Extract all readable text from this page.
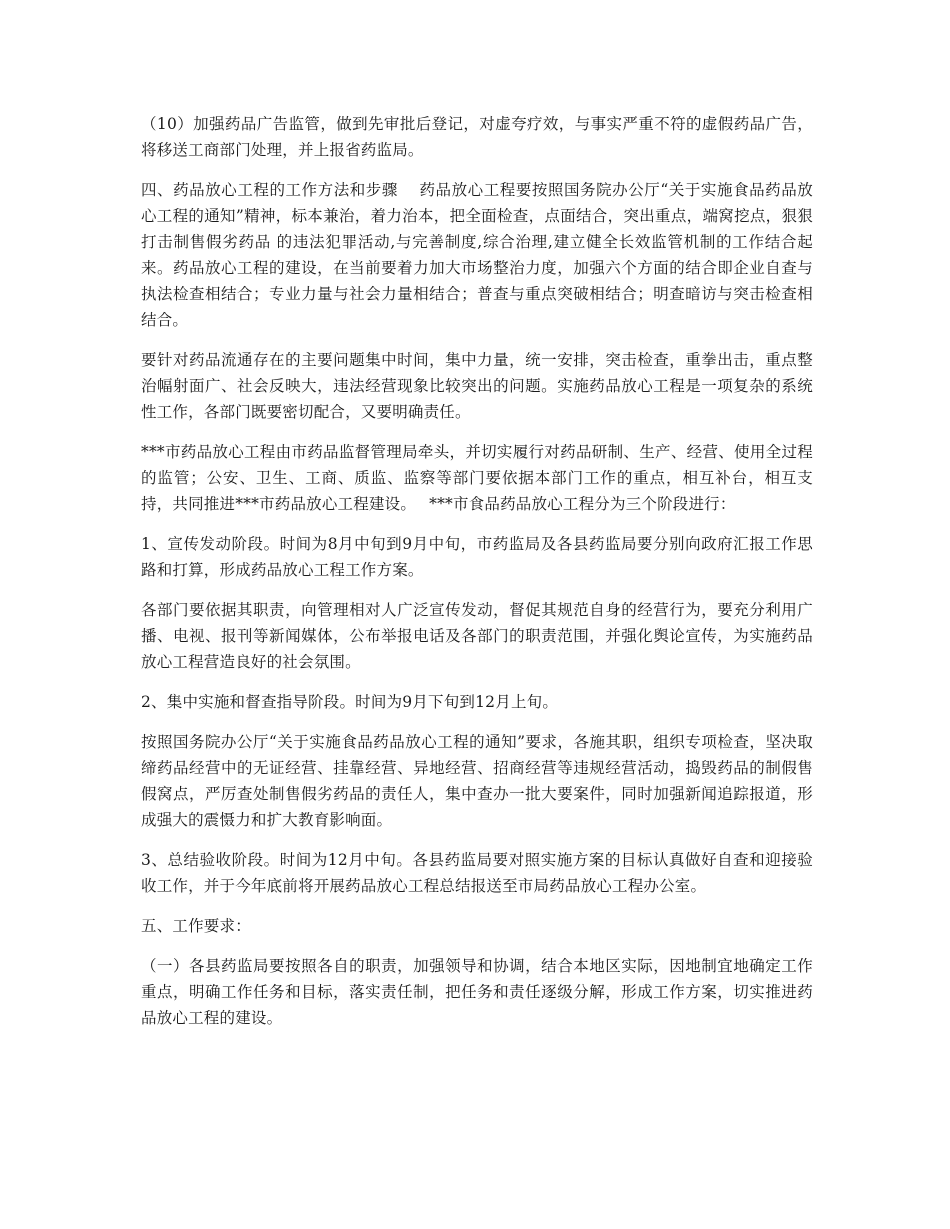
（10）加强药品广告监管，做到先审批后登记，对虚夸疗效，与事实严重不符的虚假药品广告，将移送工商部门处理，并上报省药监局。

四、药品放心工程的工作方法和步骤　 药品放心工程要按照国务院办公厅“关于实施食品药品放心工程的通知”精神，标本兼治，着力治本，把全面检查，点面结合，突出重点，端窝挖点，狠狠打击制售假劣药品 的违法犯罪活动,与完善制度,综合治理,建立健全长效监管机制的工作结合起来。药品放心工程的建设，在当前要着力加大市场整治力度，加强六个方面的结合即企业自查与执法检查相结合；专业力量与社会力量相结合；普查与重点突破相结合；明查暗访与突击检查相结合。

要针对药品流通存在的主要问题集中时间，集中力量，统一安排，突击检查，重拳出击，重点整治幅射面广、社会反映大，违法经营现象比较突出的问题。实施药品放心工程是一项复杂的系统性工作，各部门既要密切配合，又要明确责任。

***市药品放心工程由市药品监督管理局牵头，并切实履行对药品研制、生产、经营、使用全过程的监管；公安、卫生、工商、质监、监察等部门要依据本部门工作的重点，相互补台，相互支持，共同推进***市药品放心工程建设。　 ***市食品药品放心工程分为三个阶段进行：

1、宣传发动阶段。时间为8月中旬到9月中旬，市药监局及各县药监局要分别向政府汇报工作思路和打算，形成药品放心工程工作方案。

各部门要依据其职责，向管理相对人广泛宣传发动，督促其规范自身的经营行为，要充分利用广播、电视、报刊等新闻媒体，公布举报电话及各部门的职责范围，并强化舆论宣传，为实施药品放心工程营造良好的社会氛围。

2、集中实施和督查指导阶段。时间为9月下旬到12月上旬。

按照国务院办公厅“关于实施食品药品放心工程的通知”要求，各施其职，组织专项检查，坚决取缔药品经营中的无证经营、挂靠经营、异地经营、招商经营等违规经营活动，捣毁药品的制假售假窝点，严厉查处制售假劣药品的责任人，集中查办一批大要案件，同时加强新闻追踪报道，形成强大的震慑力和扩大教育影响面。

3、总结验收阶段。时间为12月中旬。各县药监局要对照实施方案的目标认真做好自查和迎接验收工作，并于今年底前将开展药品放心工程总结报送至市局药品放心工程办公室。

五、工作要求：

（一）各县药监局要按照各自的职责，加强领导和协调，结合本地区实际，因地制宜地确定工作重点，明确工作任务和目标，落实责任制，把任务和责任逐级分解，形成工作方案，切实推进药品放心工程的建设。
